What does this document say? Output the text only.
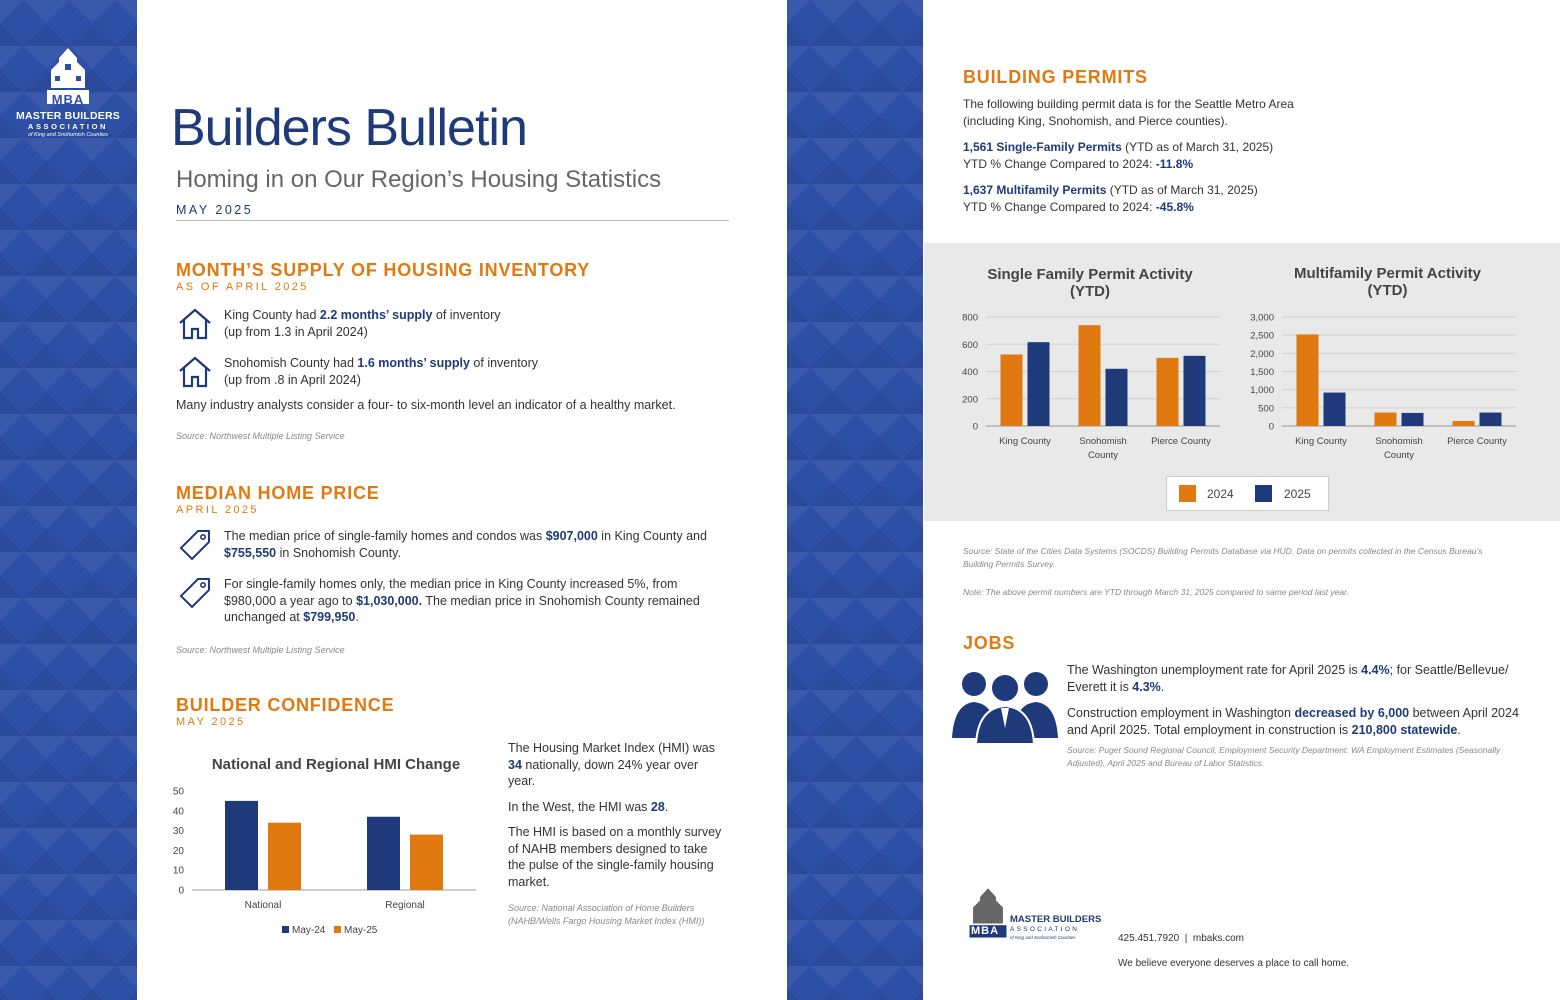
MBA
MASTER BUILDERS
ASSOCIATION
of King and Snohomish Counties Builders Bulletin
Homing in on Our Region’s Housing Statistics
MAY 2025
MONTH’S SUPPLY OF HOUSING INVENTORY
AS OF APRIL 2025
King County had 2.2 months’ supply of inventory
(up from 1.3 in April 2024)
Snohomish County had 1.6 months’ supply of inventory
(up from .8 in April 2024)
Many industry analysts consider a four- to six-month level an indicator of a healthy market.
Source: Northwest Multiple Listing Service
MEDIAN HOME PRICE
APRIL 2025
The median price of single-family homes and condos was $907,000 in King County and $755,550 in Snohomish County.
For single-family homes only, the median price in King County increased 5%, from $980,000 a year ago to $1,030,000. The median price in Snohomish County remained unchanged at $799,950.
Source: Northwest Multiple Listing Service
BUILDER CONFIDENCE
MAY 2025
National and Regional HMI Change
50
40
30
20
10
0
National	Regional
May-24 May-25
The Housing Market Index (HMI) was 34 nationally, down 24% year over year.
In the West, the HMI was 28.
The HMI is based on a monthly survey of NAHB members designed to take the pulse of the single-family housing market.
Source: National Association of Home Builders (NAHB/Wells Fargo Housing Market Index (HMI))
BUILDING PERMITS
The following building permit data is for the Seattle Metro Area (including King, Snohomish, and Pierce counties).
1,561 Single-Family Permits (YTD as of March 31, 2025)
YTD % Change Compared to 2024: -11.8%
1,637 Multifamily Permits (YTD as of March 31, 2025)
YTD % Change Compared to 2024: -45.8%
Single Family Permit Activity (YTD)
Multifamily Permit Activity (YTD)
800
600
400
200
0
King County	Snohomish
County
Pierce County
3,000
2,500
2,000
1,500
1,000
500
0
King County	Snohomish
County
Pierce County
2024	2025
Source: State of the Cities Data Systems (SOCDS) Building Permits Database via HUD. Data on permits collected in the Census Bureau’s Building Permits Survey.
Note: The above permit numbers are YTD through March 31, 2025 compared to same period last year.
JOBS
The Washington unemployment rate for April 2025 is 4.4%; for Seattle/Bellevue/ Everett it is 4.3%.
Construction employment in Washington decreased by 6,000 between April 2024 and April 2025. Total employment in construction is 210,800 statewide.
Source: Puget Sound Regional Council, Employment Security Department: WA Employment Estimates (Seasonally Adjusted), April 2025 and Bureau of Labor Statistics.
MBA
MASTER BUILDERS
ASSOCIATION
of King and Snohomish Counties	425.451.7920  |  mbaks.com
We believe everyone deserves a place to call home.
